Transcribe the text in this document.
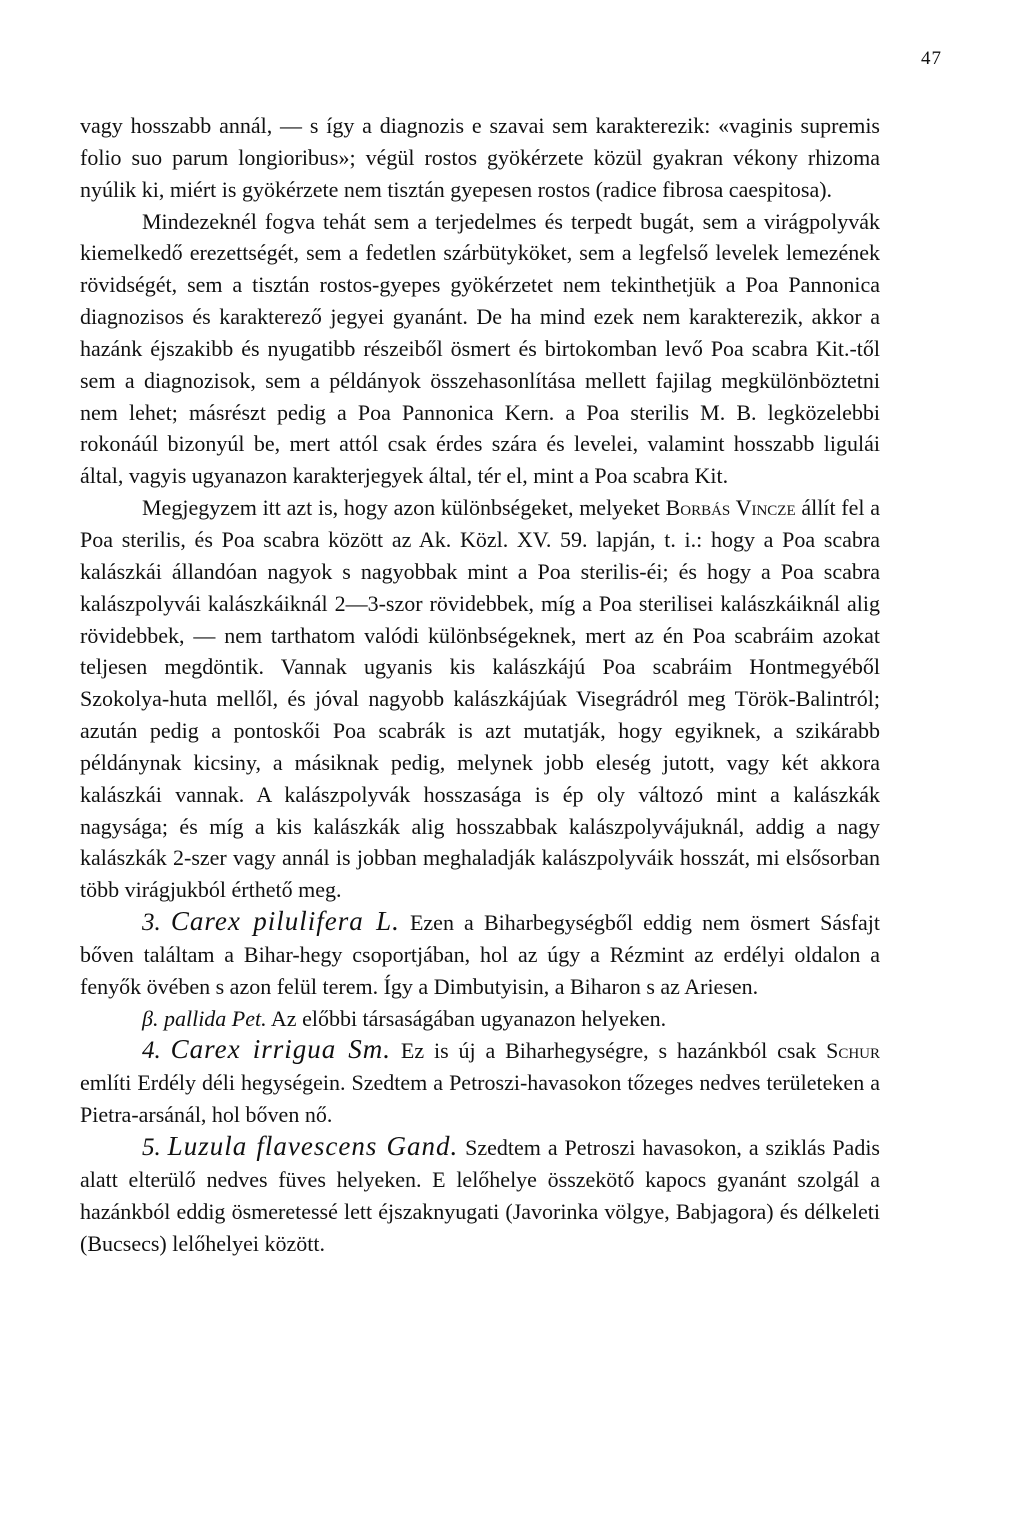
47

vagy hosszabb annál, — s így a diagnozis e szavai sem karakterezik: «vaginis supremis folio suo parum longioribus»; végül rostos gyökérzete közül gyakran vékony rhizoma nyúlik ki, miért is gyökérzete nem tisztán gyepesen rostos (radice fibrosa caespitosa).

Mindezeknél fogva tehát sem a terjedelmes és terpedt bugát, sem a virágpolyvák kiemelkedő erezettségét, sem a fedetlen szárbütyköket, sem a legfelső levelek lemezének rövidségét, sem a tisztán rostos-gyepes gyökérzetet nem tekinthetjük a Poa Pannonica diagnozisos és karakterező jegyei gyanánt. De ha mind ezek nem karakterezik, akkor a hazánk éjszakibb és nyugatibb részeiből ösmert és birtokomban levő Poa scabra Kit.-től sem a diagnozisok, sem a példányok összehasonlítása mellett fajilag megkülönböztetni nem lehet; másrészt pedig a Poa Pannonica Kern. a Poa sterilis M. B. legközelebbi rokonáúl bizonyúl be, mert attól csak érdes szára és levelei, valamint hosszabb ligulái által, vagyis ugyanazon karakterjegyek által, tér el, mint a Poa scabra Kit.

Megjegyzem itt azt is, hogy azon különbségeket, melyeket Borbás Vincze állít fel a Poa sterilis, és Poa scabra között az Ak. Közl. XV. 59. lapján, t. i.: hogy a Poa scabra kalászkái állandóan nagyok s nagyobbak mint a Poa sterilis-éi; és hogy a Poa scabra kalászpolyvái kalászkáiknál 2—3-szor rövidebbek, míg a Poa sterilisei kalászkáiknál alig rövidebbek, — nem tarthatom valódi különbségeknek, mert az én Poa scabráim azokat teljesen megdöntik. Vannak ugyanis kis kalászkájú Poa scabráim Hontmegyéből Szokolya-huta mellől, és jóval nagyobb kalászkájúak Visegrádról meg Török-Balintról; azután pedig a pontoskői Poa scabrák is azt mutatják, hogy egyiknek, a szikárabb példánynak kicsiny, a másiknak pedig, melynek jobb eleség jutott, vagy két akkora kalászkái vannak. A kalászpolyvák hosszasága is ép oly változó mint a kalászkák nagysága; és míg a kis kalászkák alig hosszabbak kalászpolyvájuknál, addig a nagy kalászkák 2-szer vagy annál is jobban meghaladják kalászpolyváik hosszát, mi elsősorban több virágjukból érthető meg.

3. Carex pilulifera L. Ezen a Biharbegységből eddig nem ösmert Sásfajt bőven találtam a Bihar-hegy csoportjában, hol az úgy a Rézmint az erdélyi oldalon a fenyők övében s azon felül terem. Így a Dimbutyisin, a Biharon s az Ariesen.

β. pallida Pet. Az előbbi társaságában ugyanazon helyeken.

4. Carex irrigua Sm. Ez is új a Biharhegységre, s hazánkból csak Schur említi Erdély déli hegységein. Szedtem a Petroszi-havasokon tőzeges nedves területeken a Pietra-arsánál, hol bőven nő.

5. Luzula flavescens Gand. Szedtem a Petroszi havasokon, a sziklás Padis alatt elterülő nedves füves helyeken. E lelőhelye összekötő kapocs gyanánt szolgál a hazánkból eddig ösmeretessé lett éjszaknyugati (Javorinka völgye, Babjagora) és délkeleti (Bucsecs) lelőhelyei között.
